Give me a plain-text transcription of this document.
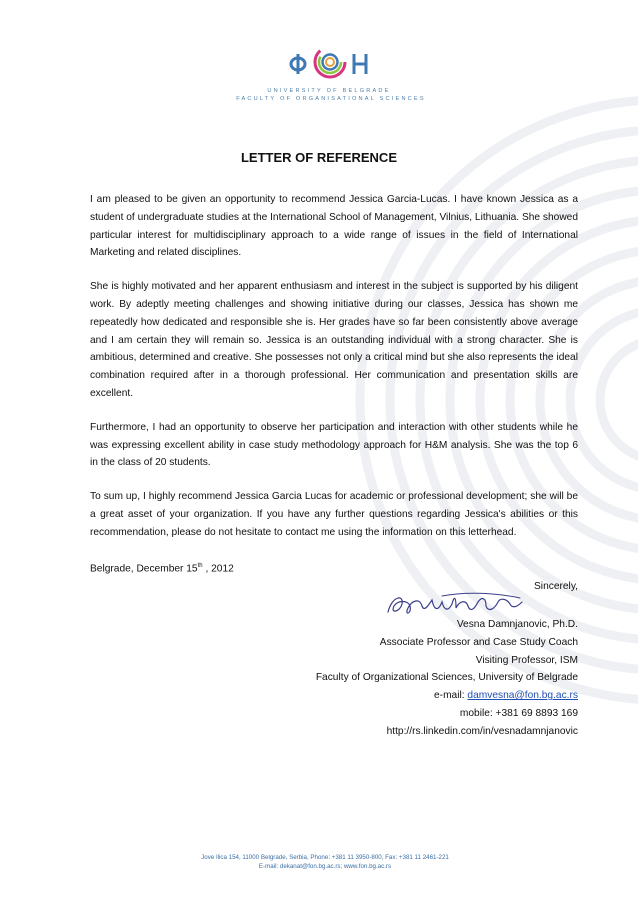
UNIVERSITY OF BELGRADE
FACULTY OF ORGANISATIONAL SCIENCES
LETTER OF REFERENCE

I am pleased to be given an opportunity to recommend Jessica Garcia-Lucas. I have known Jessica as a student of undergraduate studies at the International School of Management, Vilnius, Lithuania. She showed particular interest for multidisciplinary approach to a wide range of issues in the field of International Marketing and related disciplines.

She is highly motivated and her apparent enthusiasm and interest in the subject is supported by his diligent work. By adeptly meeting challenges and showing initiative during our classes, Jessica has shown me repeatedly how dedicated and responsible she is. Her grades have so far been consistently above average and I am certain they will remain so. Jessica is an outstanding individual with a strong character. She is ambitious, determined and creative. She possesses not only a critical mind but she also represents the ideal combination required after in a thorough professional. Her communication and presentation skills are excellent.

Furthermore, I had an opportunity to observe her participation and interaction with other students while he was expressing excellent ability in case study methodology approach for H&M analysis. She was the top 6 in the class of 20 students.

To sum up, I highly recommend Jessica Garcia Lucas for academic or professional development; she will be a great asset of your organization. If you have any further questions regarding Jessica's abilities or this recommendation, please do not hesitate to contact me using the information on this letterhead.

Belgrade, December 15th , 2012

Sincerely,

Vesna Damnjanovic, Ph.D.
Associate Professor and Case Study Coach
Visiting Professor, ISM
Faculty of Organizational Sciences, University of Belgrade
e-mail: damvesna@fon.bg.ac.rs
mobile: +381 69 8893 169
http://rs.linkedin.com/in/vesnadamnjanovic
Jove Ilica 154, 11000 Belgrade, Serbia, Phone: +381 11 3950-800, Fax: +381 11 2461-221
E-mail: dekanat@fon.bg.ac.rs; www.fon.bg.ac.rs
